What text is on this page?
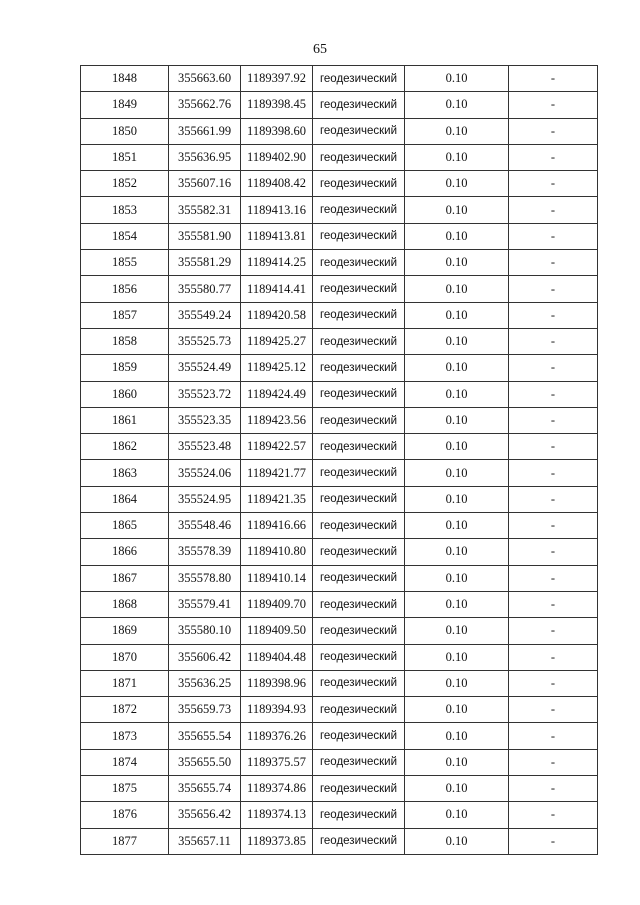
65
1848	355663.60	1189397.92	геодезический	0.10	-
1849	355662.76	1189398.45	геодезический	0.10	-
1850	355661.99	1189398.60	геодезический	0.10	-
1851	355636.95	1189402.90	геодезический	0.10	-
1852	355607.16	1189408.42	геодезический	0.10	-
1853	355582.31	1189413.16	геодезический	0.10	-
1854	355581.90	1189413.81	геодезический	0.10	-
1855	355581.29	1189414.25	геодезический	0.10	-
1856	355580.77	1189414.41	геодезический	0.10	-
1857	355549.24	1189420.58	геодезический	0.10	-
1858	355525.73	1189425.27	геодезический	0.10	-
1859	355524.49	1189425.12	геодезический	0.10	-
1860	355523.72	1189424.49	геодезический	0.10	-
1861	355523.35	1189423.56	геодезический	0.10	-
1862	355523.48	1189422.57	геодезический	0.10	-
1863	355524.06	1189421.77	геодезический	0.10	-
1864	355524.95	1189421.35	геодезический	0.10	-
1865	355548.46	1189416.66	геодезический	0.10	-
1866	355578.39	1189410.80	геодезический	0.10	-
1867	355578.80	1189410.14	геодезический	0.10	-
1868	355579.41	1189409.70	геодезический	0.10	-
1869	355580.10	1189409.50	геодезический	0.10	-
1870	355606.42	1189404.48	геодезический	0.10	-
1871	355636.25	1189398.96	геодезический	0.10	-
1872	355659.73	1189394.93	геодезический	0.10	-
1873	355655.54	1189376.26	геодезический	0.10	-
1874	355655.50	1189375.57	геодезический	0.10	-
1875	355655.74	1189374.86	геодезический	0.10	-
1876	355656.42	1189374.13	геодезический	0.10	-
1877	355657.11	1189373.85	геодезический	0.10	-
